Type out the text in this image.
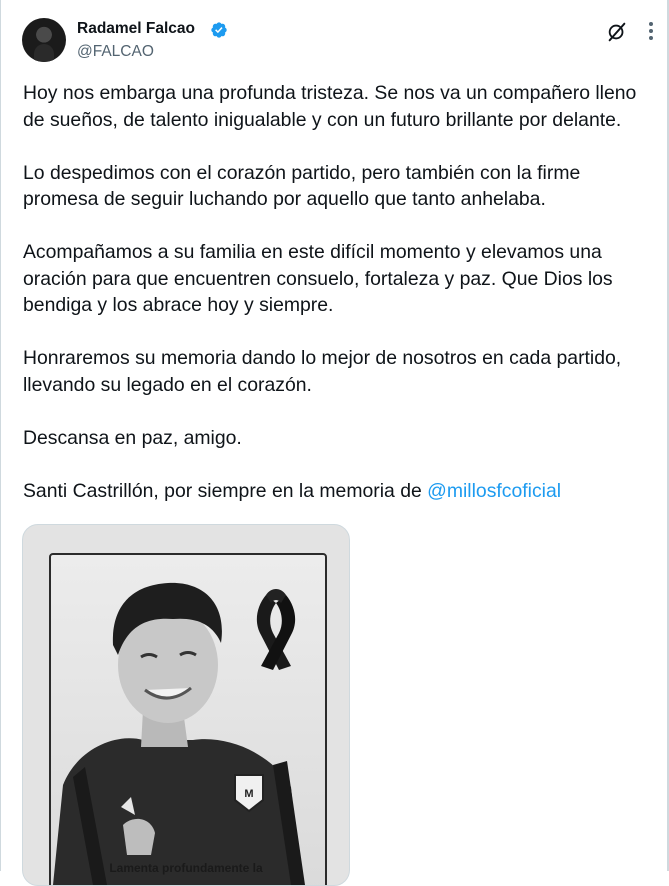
Radamel Falcao
@FALCAO

Hoy nos embarga una profunda tristeza. Se nos va un compañero lleno
de sueños, de talento inigualable y con un futuro brillante por delante.

Lo despedimos con el corazón partido, pero también con la firme
promesa de seguir luchando por aquello que tanto anhelaba.

Acompañamos a su familia en este difícil momento y elevamos una
oración para que encuentren consuelo, fortaleza y paz. Que Dios los
bendiga y los abrace hoy y siempre.

Honraremos su memoria dando lo mejor de nosotros en cada partido,
llevando su legado en el corazón.

Descansa en paz, amigo.

Santi Castrillón, por siempre en la memoria de @millosfcoficial

M
Lamenta profundamente la
